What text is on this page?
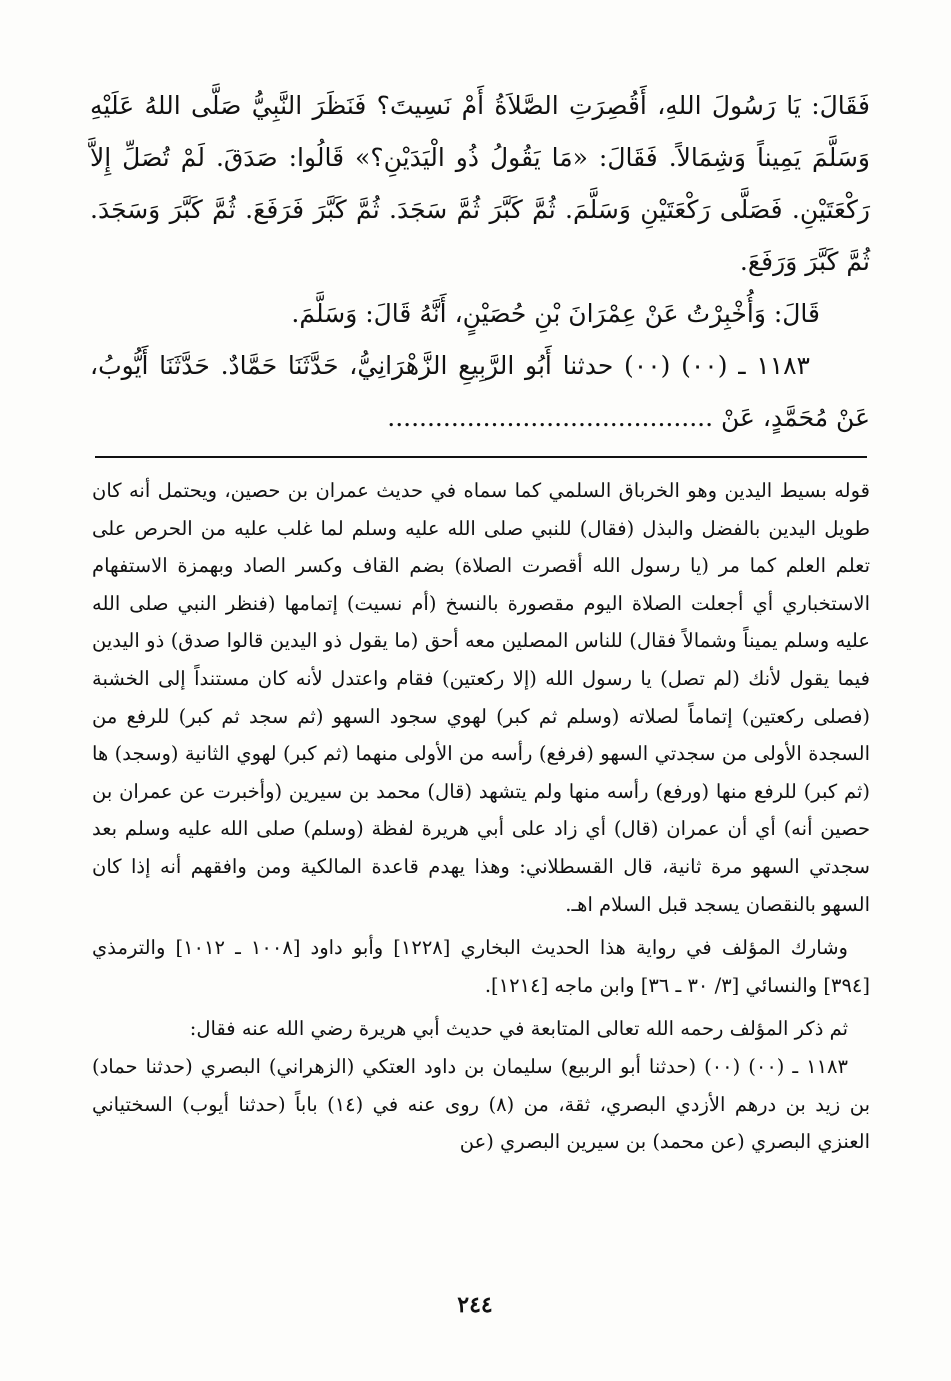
فَقَالَ: يَا رَسُولَ اللهِ، أَقُصِرَتِ الصَّلاَةُ أَمْ نَسِيتَ؟ فَنَظَرَ النَّبِيُّ صَلَّى اللهُ عَلَيْهِ وَسَلَّمَ يَمِيناً وَشِمَالاً. فَقَالَ: «مَا يَقُولُ ذُو الْيَدَيْنِ؟» قَالُوا: صَدَقَ. لَمْ تُصَلِّ إِلاَّ رَكْعَتَيْنِ. فَصَلَّى رَكْعَتَيْنِ وَسَلَّمَ. ثُمَّ كَبَّرَ ثُمَّ سَجَدَ. ثُمَّ كَبَّرَ فَرَفَعَ. ثُمَّ كَبَّرَ وَسَجَدَ. ثُمَّ كَبَّرَ وَرَفَعَ.

قَالَ: وَأُخْبِرْتُ عَنْ عِمْرَانَ بْنِ حُصَيْنٍ، أَنَّهُ قَالَ: وَسَلَّمَ.

١١٨٣ ـ (٠٠) (٠٠) حدثنا أَبُو الرَّبِيعِ الزَّهْرَانِيُّ، حَدَّثَنَا حَمَّادٌ. حَدَّثَنَا أَيُّوبُ، عَنْ مُحَمَّدٍ، عَنْ .........................................

قوله بسيط اليدين وهو الخرباق السلمي كما سماه في حديث عمران بن حصين، ويحتمل أنه كان طويل اليدين بالفضل والبذل (فقال) للنبي صلى الله عليه وسلم لما غلب عليه من الحرص على تعلم العلم كما مر (يا رسول الله أقصرت الصلاة) بضم القاف وكسر الصاد وبهمزة الاستفهام الاستخباري أي أجعلت الصلاة اليوم مقصورة بالنسخ (أم نسيت) إتمامها (فنظر النبي صلى الله عليه وسلم يميناً وشمالاً فقال) للناس المصلين معه أحق (ما يقول ذو اليدين قالوا صدق) ذو اليدين فيما يقول لأنك (لم تصل) يا رسول الله (إلا ركعتين) فقام واعتدل لأنه كان مستنداً إلى الخشبة (فصلى ركعتين) إتماماً لصلاته (وسلم ثم كبر) لهوي سجود السهو (ثم سجد ثم كبر) للرفع من السجدة الأولى من سجدتي السهو (فرفع) رأسه من الأولى منهما (ثم كبر) لهوي الثانية (وسجد) ها (ثم كبر) للرفع منها (ورفع) رأسه منها ولم يتشهد (قال) محمد بن سيرين (وأخبرت عن عمران بن حصين أنه) أي أن عمران (قال) أي زاد على أبي هريرة لفظة (وسلم) صلى الله عليه وسلم بعد سجدتي السهو مرة ثانية، قال القسطلاني: وهذا يهدم قاعدة المالكية ومن وافقهم أنه إذا كان السهو بالنقصان يسجد قبل السلام اهـ.

وشارك المؤلف في رواية هذا الحديث البخاري [١٢٢٨] وأبو داود [١٠٠٨ ـ ١٠١٢] والترمذي [٣٩٤] والنسائي [٣/ ٣٠ ـ ٣٦] وابن ماجه [١٢١٤].

ثم ذكر المؤلف رحمه الله تعالى المتابعة في حديث أبي هريرة رضي الله عنه فقال:

١١٨٣ ـ (٠٠) (٠٠) (حدثنا أبو الربيع) سليمان بن داود العتكي (الزهراني) البصري (حدثنا حماد) بن زيد بن درهم الأزدي البصري، ثقة، من (٨) روى عنه في (١٤) باباً (حدثنا أيوب) السختياني العنزي البصري (عن محمد) بن سيرين البصري (عن

٢٤٤
